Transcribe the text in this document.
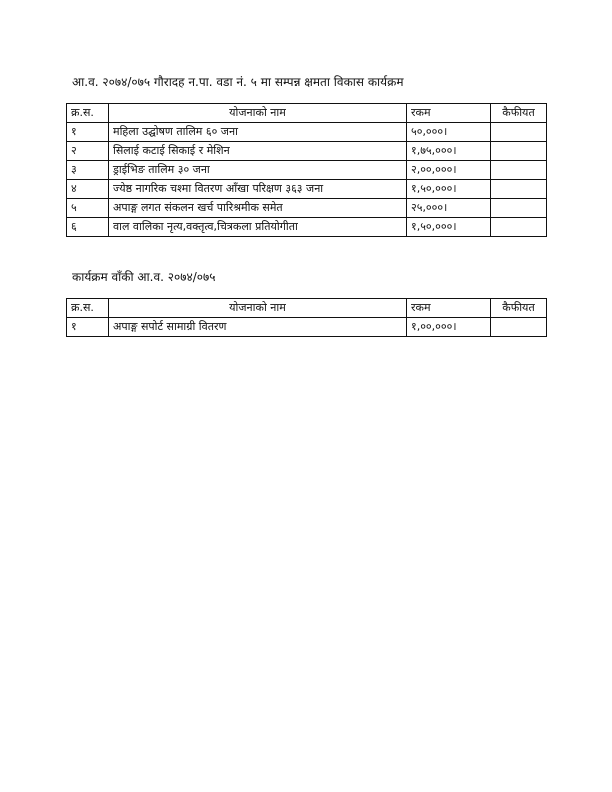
आ.व. २०७४/०७५ गौरादह न.पा. वडा नं. ५ मा सम्पन्न क्षमता विकास कार्यक्रम
क्र.स.	योजनाको नाम	रकम	कैफीयत
१	महिला उद्घोषण तालिम ६० जना	५०,०००।	
२	सिलाई कटाई सिकाई र मेशिन	१,७५,०००।	
३	ड्राईभिङ तालिम ३० जना	२,००,०००।	
४	ज्येष्ठ नागरिक चश्मा वितरण आँखा परिक्षण ३६३ जना	१,५०,०००।	
५	अपाङ्ग लगत संकलन खर्च पारिश्रमीक समेत	२५,०००।	
६	वाल वालिका नृत्य,वक्तृत्व,चित्रकला प्रतियोगीता	१,५०,०००।	
कार्यक्रम वाँकी आ.व. २०७४/०७५
क्र.स.	योजनाको नाम	रकम	कैफीयत
१	अपाङ्ग सपोर्ट सामाग्री वितरण	१,००,०००।	
